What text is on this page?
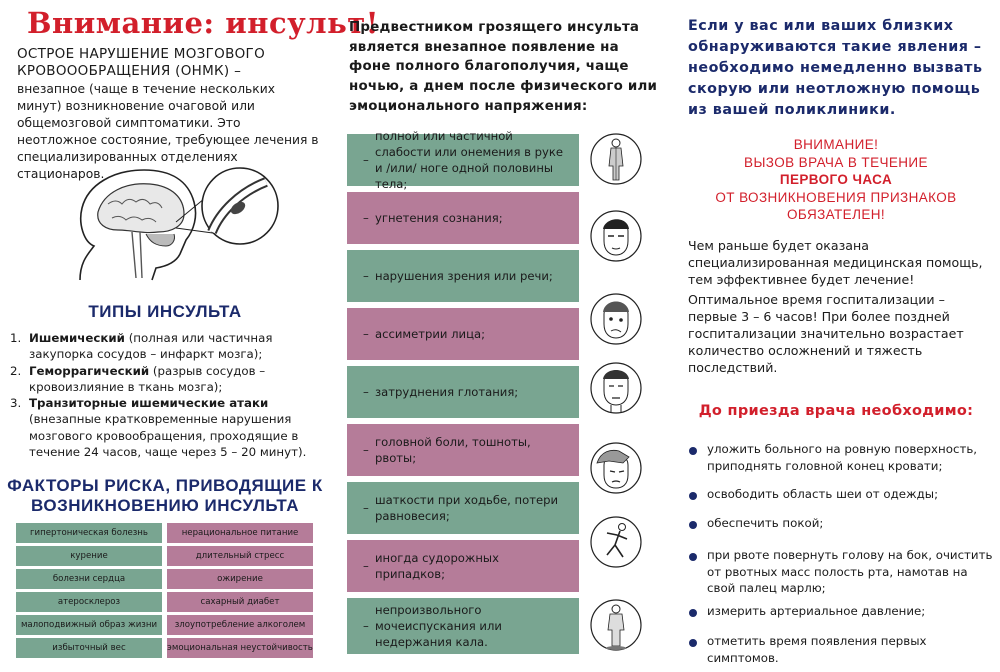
Внимание: инсульт!
ОСТРОЕ НАРУШЕНИЕ МОЗГОВОГО КРОВОООБРАЩЕНИЯ (ОНМК) –
внезапное (чаще в течение нескольких минут) возникновение очаговой или общемозговой симптоматики. Это неотложное состояние, требующее лечения в специализированных отделениях стационаров.
ТИПЫ ИНСУЛЬТА
1. Ишемический (полная или частичная закупорка сосудов – инфаркт мозга);
2. Геморрагический (разрыв сосудов – кровоизлияние в ткань мозга);
3. Транзиторные ишемические атаки (внезапные кратковременные нарушения мозгового кровообращения, проходящие в течение 24 часов, чаще через 5 – 20 минут).
ФАКТОРЫ РИСКА, ПРИВОДЯЩИЕ К ВОЗНИКНОВЕНИЮ ИНСУЛЬТА
гипертоническая болезнь	нерациональное питание
курение	длительный стресс
болезни сердца	ожирение
атеросклероз	сахарный диабет
малоподвижный образ жизни	злоупотребление алкоголем
избыточный вес	эмоциональная неустойчивость
Предвестником грозящего инсульта является внезапное появление на фоне полного благополучия, чаще ночью, а днем после физического или эмоционального напряжения:
–
полной или частичной слабости или онемения в руке и /или/ ноге одной половины тела;
– угнетения сознания;
– нарушения зрения или речи;
– ассиметрии лица;
– затруднения глотания;
–
головной боли, тошноты, рвоты;
–
шаткости при ходьбе, потери равновесия;
–
иногда судорожных припадков;
–
непроизвольного мочеиспускания или недержания кала.
Если у вас или ваших близких обнаруживаются такие явления – необходимо немедленно вызвать скорую или неотложную помощь из вашей поликлиники.
ВНИМАНИЕ!
ВЫЗОВ ВРАЧА В ТЕЧЕНИЕ
ПЕРВОГО ЧАСА
ОТ ВОЗНИКНОВЕНИЯ ПРИЗНАКОВ
ОБЯЗАТЕЛЕН!
Чем раньше будет оказана специализированная медицинская помощь, тем эффективнее будет лечение!
Оптимальное время госпитализации – первые 3 – 6 часов! При более поздней госпитализации значительно возрастает количество осложнений и тяжесть последствий.
До приезда врача необходимо:
уложить больного на ровную поверхность, приподнять головной конец кровати;
освободить область шеи от одежды;
обеспечить покой;
при рвоте повернуть голову на бок, очистить от рвотных масс полость рта, намотав на свой палец марлю;
измерить артериальное давление;
отметить время появления первых симптомов.
